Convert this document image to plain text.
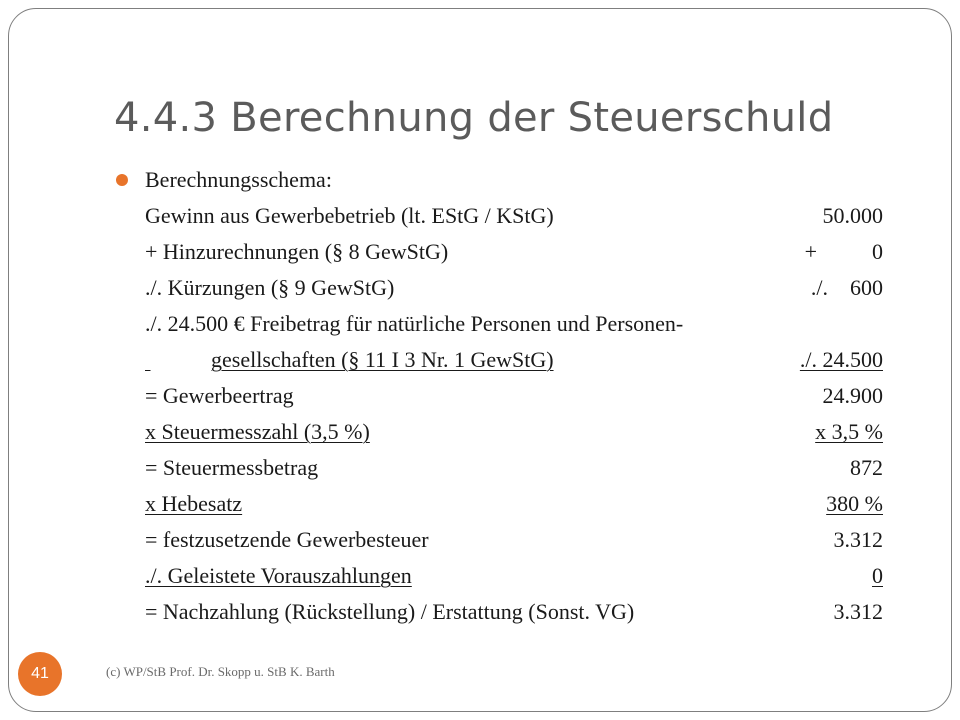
4.4.3 Berechnung der Steuerschuld
Berechnungsschema:
Gewinn aus Gewerbebetrieb (lt. EStG / KStG)	50.000
+ Hinzurechnungen (§ 8 GewStG)	+          0
./. Kürzungen (§ 9 GewStG)	./.    600
./. 24.500 € Freibetrag für natürliche Personen und Personen-
gesellschaften (§ 11 I 3 Nr. 1 GewStG)	./. 24.500
= Gewerbeertrag	24.900
x Steuermesszahl (3,5 %)	x 3,5 %
= Steuermessbetrag	872
x Hebesatz	380 %
= festzusetzende Gewerbesteuer	3.312
./. Geleistete Vorauszahlungen	0
= Nachzahlung (Rückstellung) / Erstattung (Sonst. VG)	3.312
(c) WP/StB Prof. Dr. Skopp u. StB K. Barth
41
